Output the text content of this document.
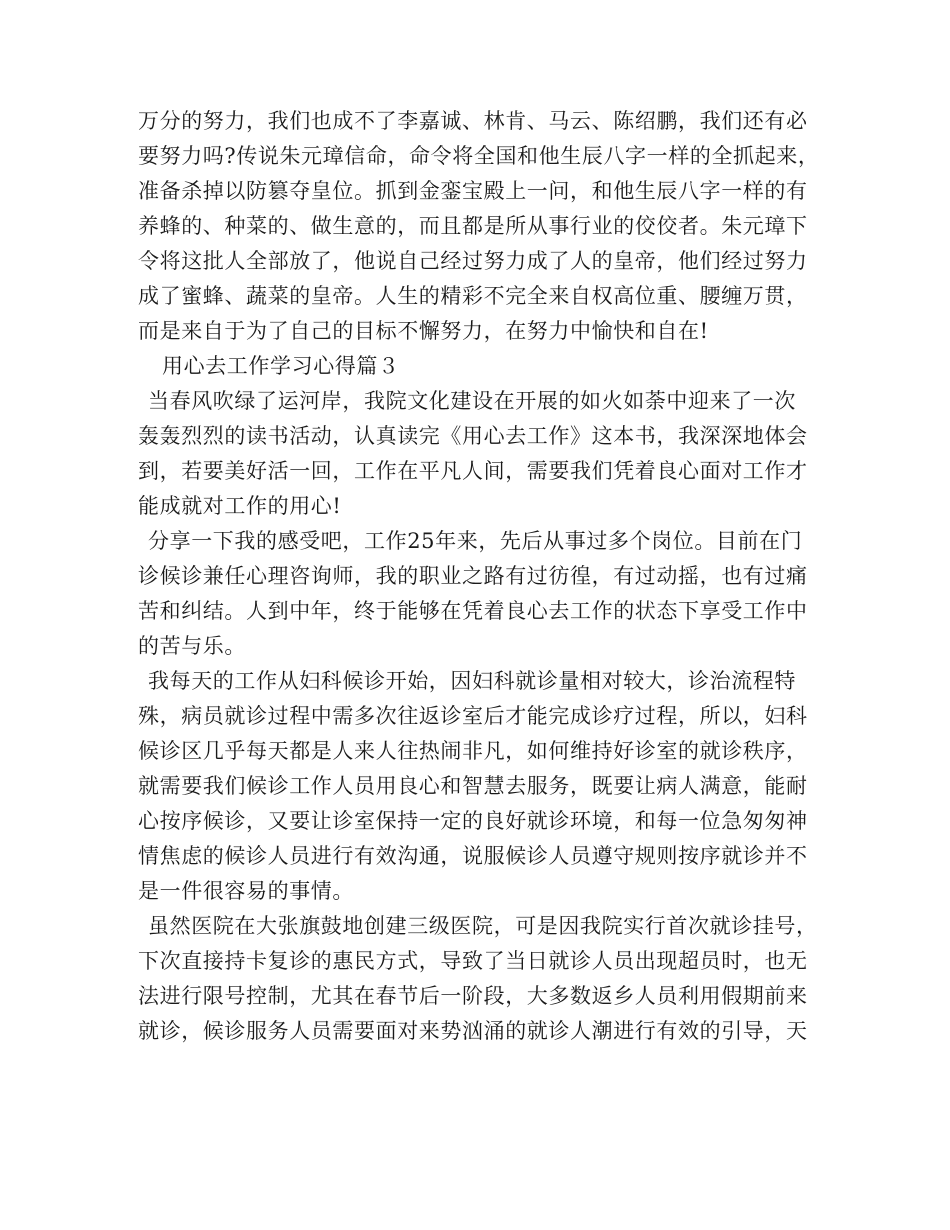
万分的努力，我们也成不了李嘉诚、林肯、马云、陈绍鹏，我们还有必
要努力吗?传说朱元璋信命，命令将全国和他生辰八字一样的全抓起来，
准备杀掉以防篡夺皇位。抓到金銮宝殿上一问，和他生辰八字一样的有
养蜂的、种菜的、做生意的，而且都是所从事行业的佼佼者。朱元璋下
令将这批人全部放了，他说自己经过努力成了人的皇帝，他们经过努力
成了蜜蜂、蔬菜的皇帝。人生的精彩不完全来自权高位重、腰缠万贯，
而是来自于为了自己的目标不懈努力，在努力中愉快和自在!
用心去工作学习心得篇３
当春风吹绿了运河岸，我院文化建设在开展的如火如荼中迎来了一次
轰轰烈烈的读书活动，认真读完《用心去工作》这本书，我深深地体会
到，若要美好活一回，工作在平凡人间，需要我们凭着良心面对工作才
能成就对工作的用心!
分享一下我的感受吧，工作25年来，先后从事过多个岗位。目前在门
诊候诊兼任心理咨询师，我的职业之路有过彷徨，有过动摇，也有过痛
苦和纠结。人到中年，终于能够在凭着良心去工作的状态下享受工作中
的苦与乐。
我每天的工作从妇科候诊开始，因妇科就诊量相对较大，诊治流程特
殊，病员就诊过程中需多次往返诊室后才能完成诊疗过程，所以，妇科
候诊区几乎每天都是人来人往热闹非凡，如何维持好诊室的就诊秩序，
就需要我们候诊工作人员用良心和智慧去服务，既要让病人满意，能耐
心按序候诊，又要让诊室保持一定的良好就诊环境，和每一位急匆匆神
情焦虑的候诊人员进行有效沟通，说服候诊人员遵守规则按序就诊并不
是一件很容易的事情。
虽然医院在大张旗鼓地创建三级医院，可是因我院实行首次就诊挂号，
下次直接持卡复诊的惠民方式，导致了当日就诊人员出现超员时，也无
法进行限号控制，尤其在春节后一阶段，大多数返乡人员利用假期前来
就诊，候诊服务人员需要面对来势汹涌的就诊人潮进行有效的引导，天
